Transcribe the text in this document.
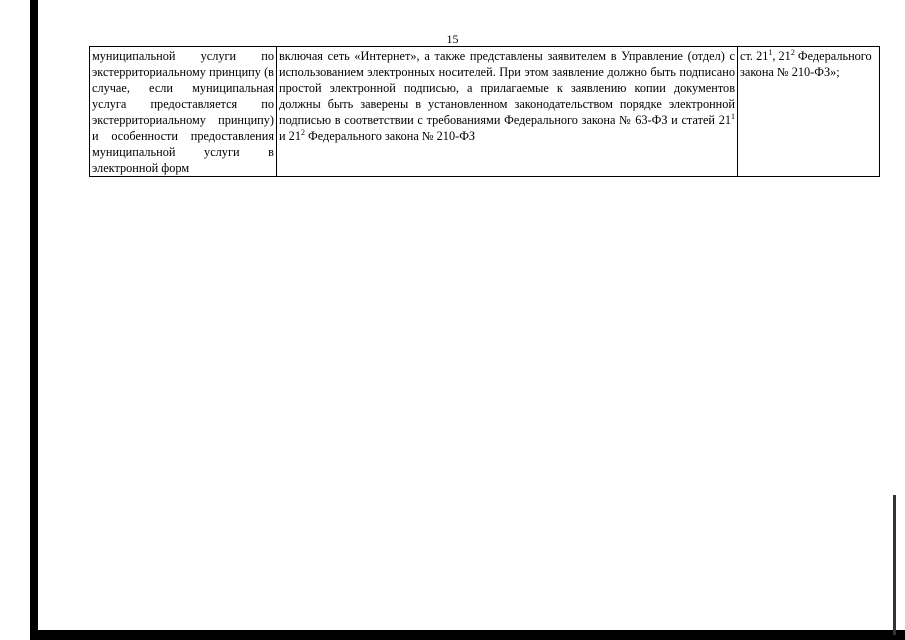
15
муниципальной услуги по экстерриториальному принципу (в случае, если муниципальная услуга предоставляется по экстерриториальному принципу) и особенности предоставления муниципальной услуги в электронной форм	включая сеть «Интернет», а также представлены заявителем в Управление (отдел) с использованием электронных носителей. При этом заявление должно быть подписано простой электронной подписью, а прилагаемые к заявлению копии документов должны быть заверены в установленном законодательством порядке электронной подписью в соответствии с требованиями Федерального закона № 63-ФЗ и статей $21^1$ и $21^2$ Федерального закона № 210-ФЗ	ст. $21^1$, $21^2$ Федерального закона № 210-ФЗ»;
